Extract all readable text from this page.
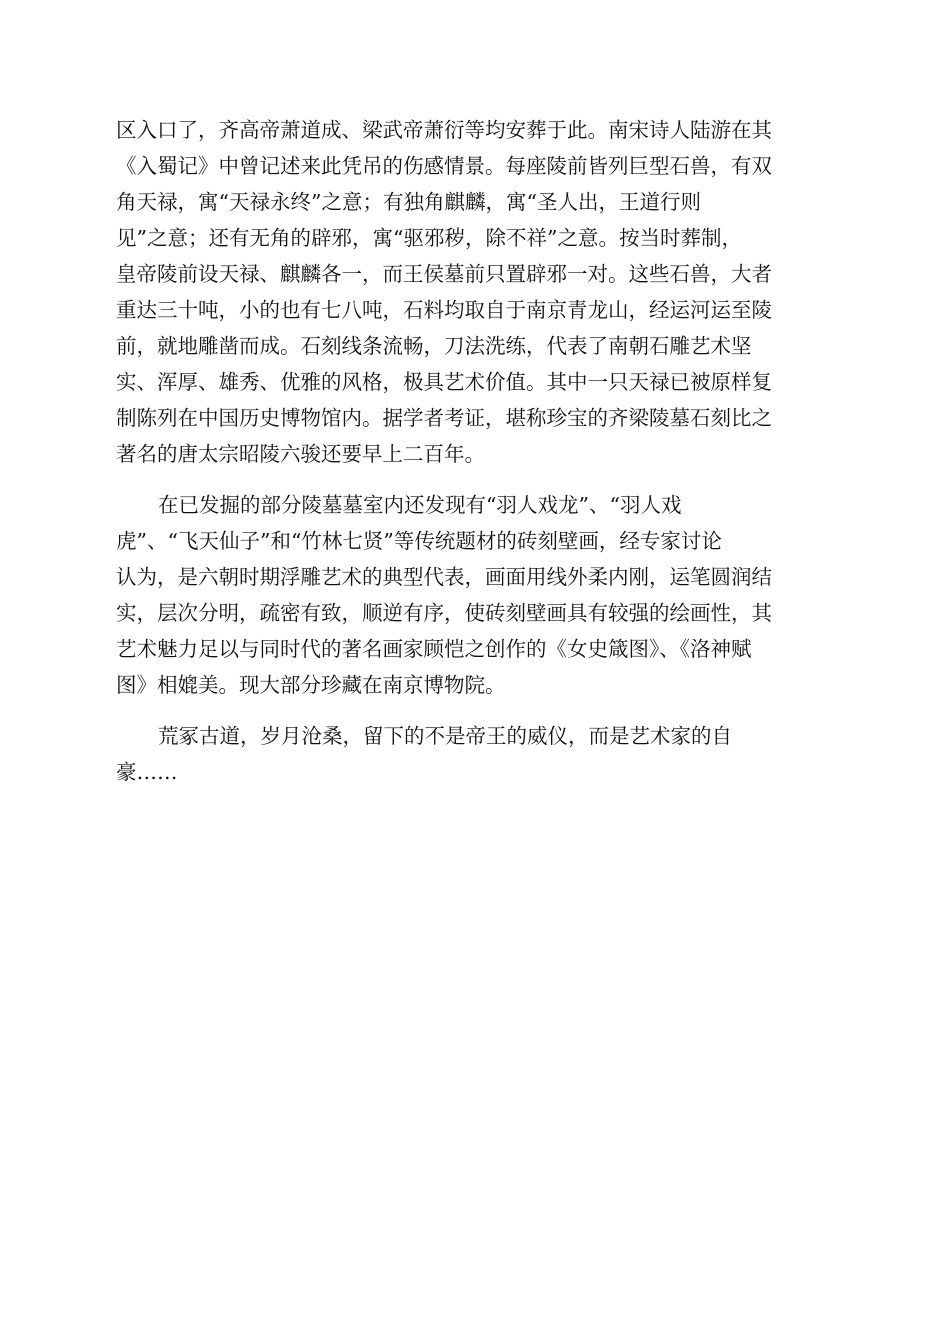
区入口了，齐高帝萧道成、梁武帝萧衍等均安葬于此。南宋诗人陆游在其
《入蜀记》中曾记述来此凭吊的伤感情景。每座陵前皆列巨型石兽，有双
角天禄，寓“天禄永终”之意；有独角麒麟，寓“圣人出，王道行则
见”之意；还有无角的辟邪，寓“驱邪秽，除不祥”之意。按当时葬制，
皇帝陵前设天禄、麒麟各一，而王侯墓前只置辟邪一对。这些石兽，大者
重达三十吨，小的也有七八吨，石料均取自于南京青龙山，经运河运至陵
前，就地雕凿而成。石刻线条流畅，刀法洗练，代表了南朝石雕艺术坚
实、浑厚、雄秀、优雅的风格，极具艺术价值。其中一只天禄已被原样复
制陈列在中国历史博物馆内。据学者考证，堪称珍宝的齐梁陵墓石刻比之
著名的唐太宗昭陵六骏还要早上二百年。

在已发掘的部分陵墓墓室内还发现有“羽人戏龙”、“羽人戏
虎”、“飞天仙子”和“竹林七贤”等传统题材的砖刻壁画，经专家讨论
认为，是六朝时期浮雕艺术的典型代表，画面用线外柔内刚，运笔圆润结
实，层次分明，疏密有致，顺逆有序，使砖刻壁画具有较强的绘画性，其
艺术魅力足以与同时代的著名画家顾恺之创作的《女史箴图》、《洛神赋
图》相媲美。现大部分珍藏在南京博物院。

荒冢古道，岁月沧桑，留下的不是帝王的威仪，而是艺术家的自
豪……
